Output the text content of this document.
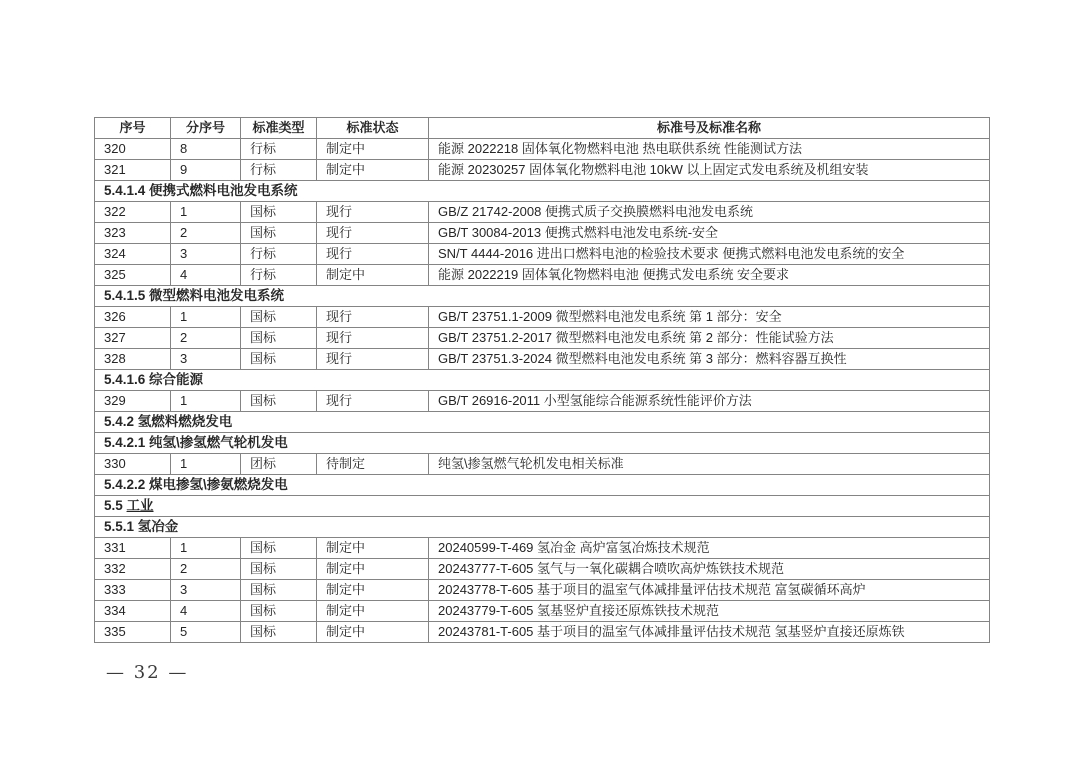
序号	分序号	标准类型	标准状态	标准号及标准名称
320	8	行标	制定中	能源 2022218 固体氧化物燃料电池 热电联供系统 性能测试方法
321	9	行标	制定中	能源 20230257 固体氧化物燃料电池 10kW 以上固定式发电系统及机组安装
5.4.1.4 便携式燃料电池发电系统				
322	1	国标	现行	GB/Z 21742-2008 便携式质子交换膜燃料电池发电系统
323	2	国标	现行	GB/T 30084-2013 便携式燃料电池发电系统-安全
324	3	行标	现行	SN/T 4444-2016 进出口燃料电池的检验技术要求 便携式燃料电池发电系统的安全
325	4	行标	制定中	能源 2022219 固体氧化物燃料电池 便携式发电系统 安全要求
5.4.1.5 微型燃料电池发电系统				
326	1	国标	现行	GB/T 23751.1-2009 微型燃料电池发电系统 第 1 部分：安全
327	2	国标	现行	GB/T 23751.2-2017 微型燃料电池发电系统 第 2 部分：性能试验方法
328	3	国标	现行	GB/T 23751.3-2024 微型燃料电池发电系统 第 3 部分：燃料容器互换性
5.4.1.6 综合能源				
329	1	国标	现行	GB/T 26916-2011 小型氢能综合能源系统性能评价方法
5.4.2 氢燃料燃烧发电				
5.4.2.1 纯氢\掺氢燃气轮机发电				
330	1	团标	待制定	纯氢\掺氢燃气轮机发电相关标准
5.4.2.2 煤电掺氢\掺氨燃烧发电				
5.5 工业				
5.5.1 氢冶金				
331	1	国标	制定中	20240599-T-469 氢冶金 高炉富氢冶炼技术规范
332	2	国标	制定中	20243777-T-605 氢气与一氧化碳耦合喷吹高炉炼铁技术规范
333	3	国标	制定中	20243778-T-605 基于项目的温室气体减排量评估技术规范 富氢碳循环高炉
334	4	国标	制定中	20243779-T-605 氢基竖炉直接还原炼铁技术规范
335	5	国标	制定中	20243781-T-605 基于项目的温室气体减排量评估技术规范 氢基竖炉直接还原炼铁
— 32 —
